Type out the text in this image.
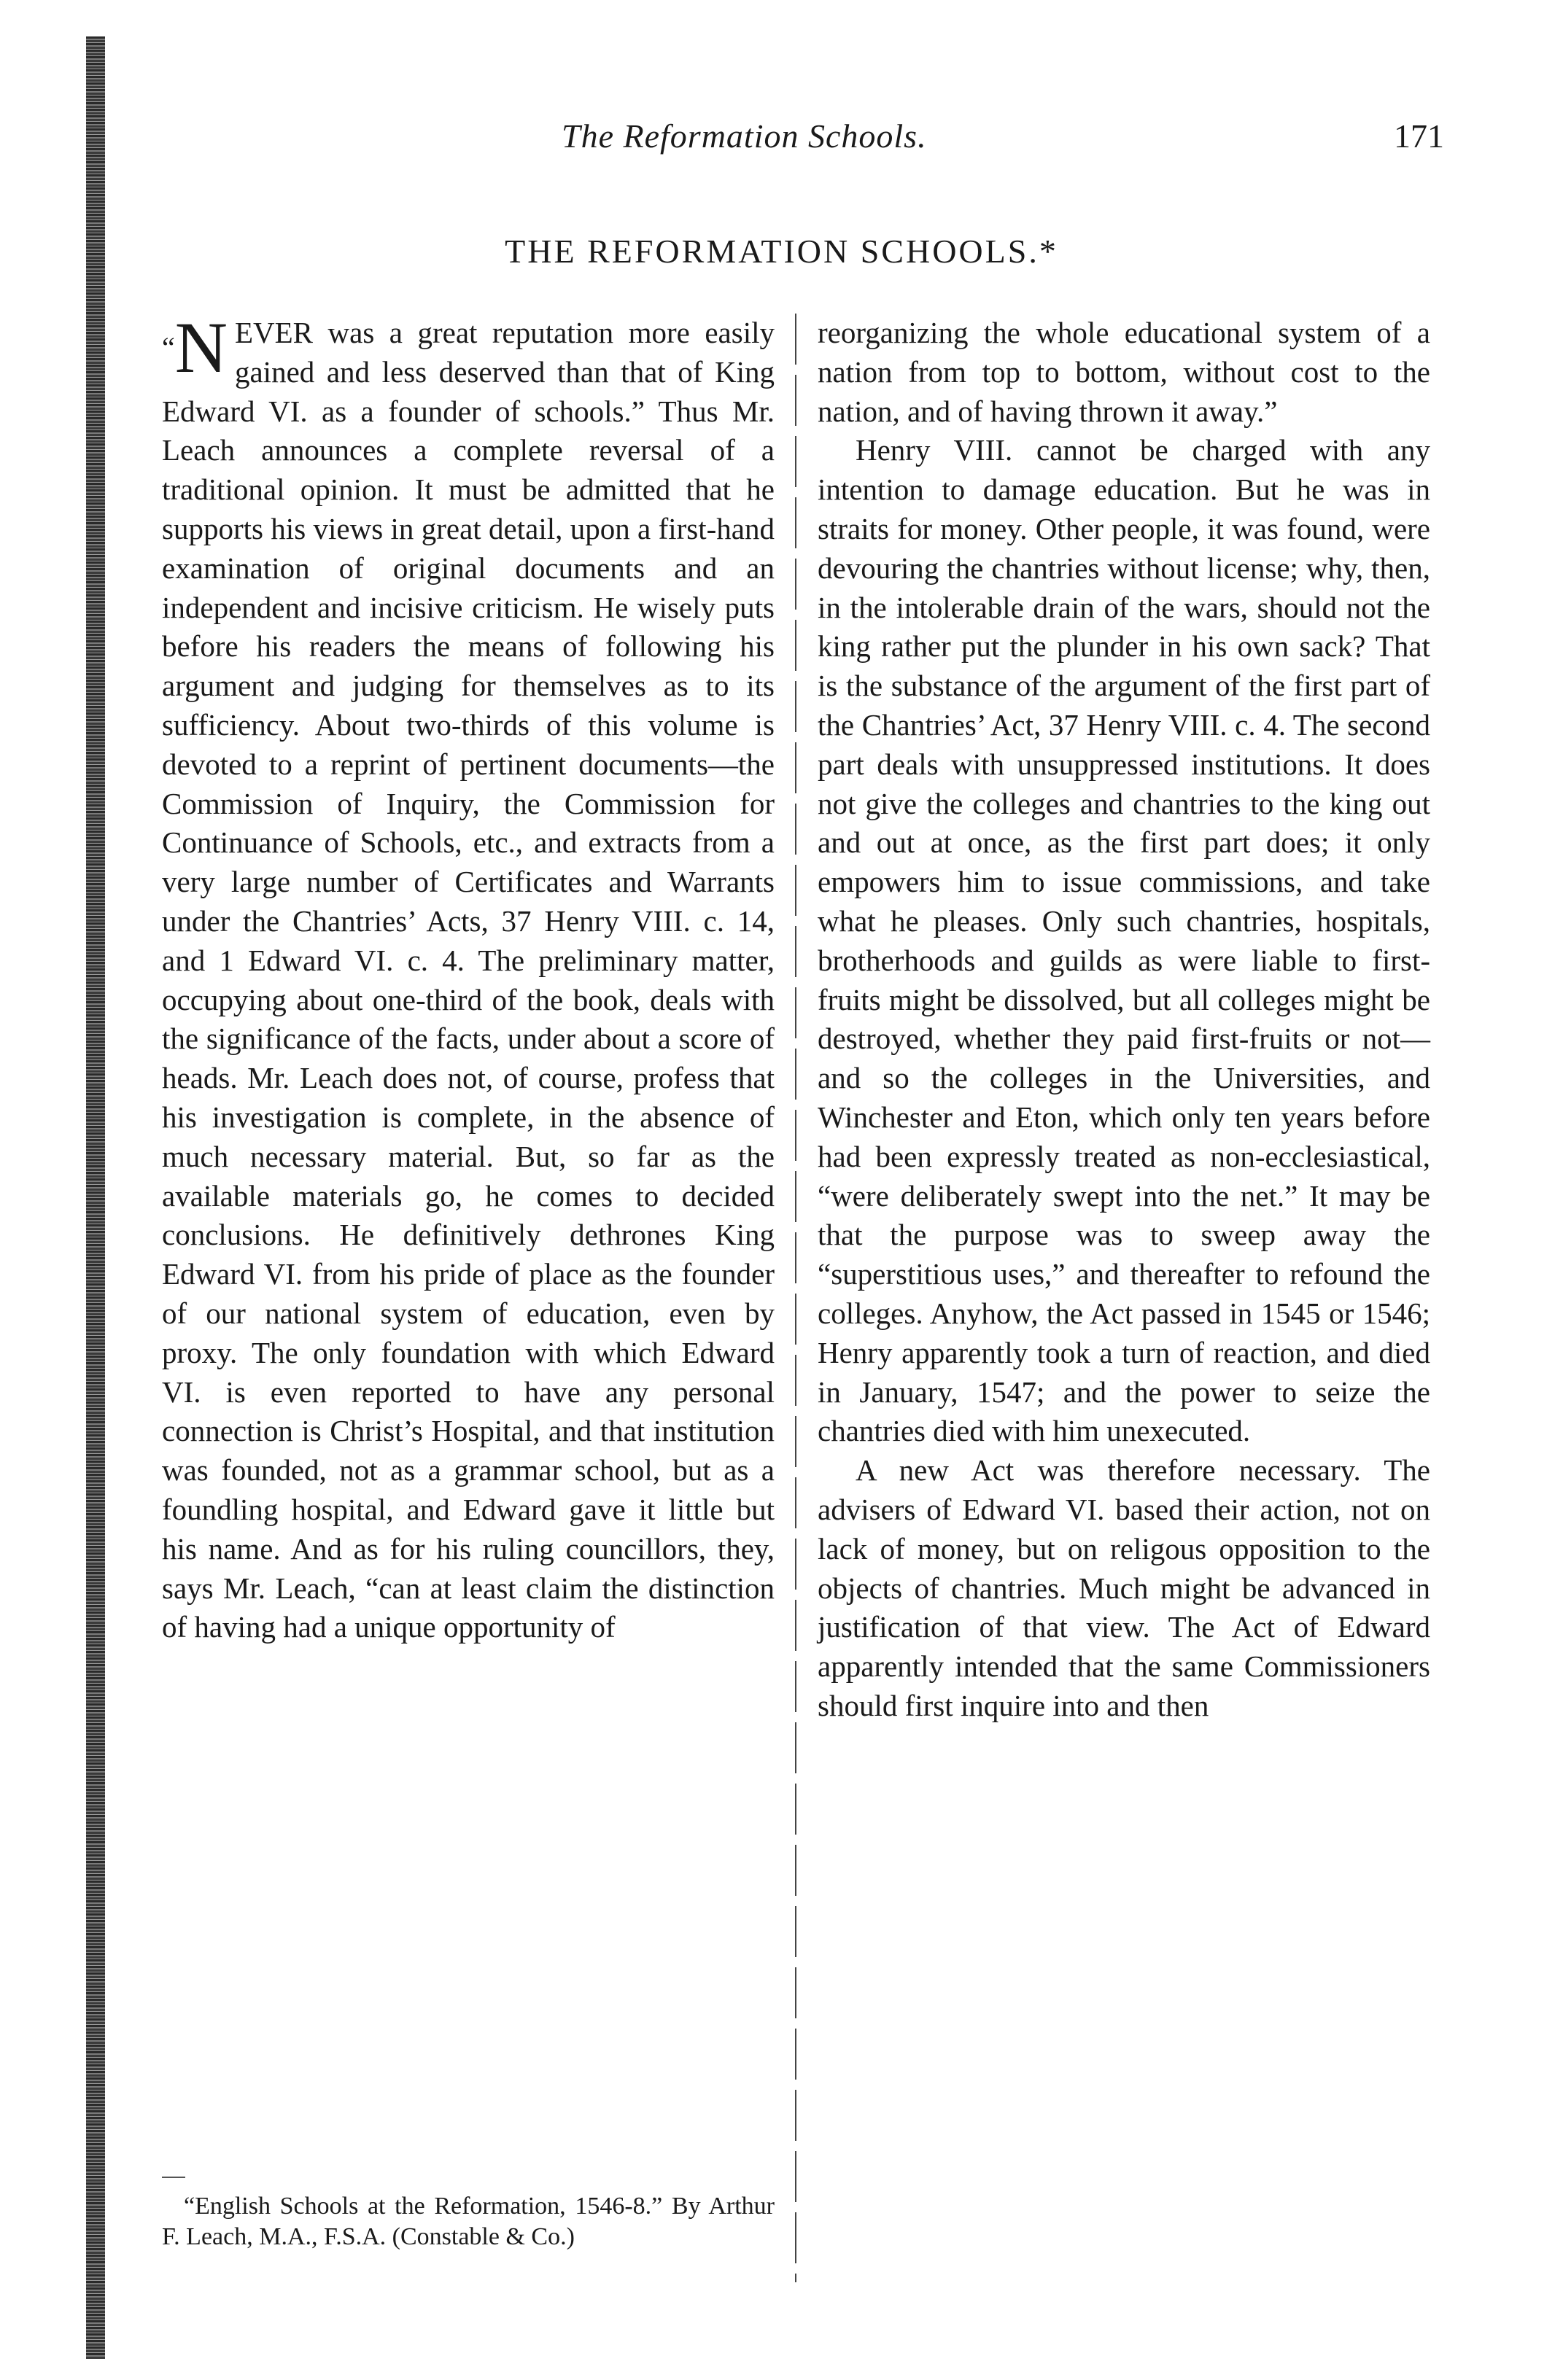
The Reformation Schools.	171
THE REFORMATION SCHOOLS.*

“N EVER was a great reputation more easily gained and less deserved than that of King Edward VI. as a founder of schools.” Thus Mr. Leach announces a complete reversal of a traditional opinion. It must be admitted that he supports his views in great detail, upon a first-hand examination of original documents and an independent and incisive criticism. He wisely puts before his readers the means of following his argument and judging for themselves as to its sufficiency. About two-thirds of this volume is devoted to a reprint of pertinent documents—the Commission of Inquiry, the Commission for Continuance of Schools, etc., and extracts from a very large number of Certificates and Warrants under the Chantries’ Acts, 37 Henry VIII. c. 14, and 1 Edward VI. c. 4. The preliminary matter, occupying about one-third of the book, deals with the significance of the facts, under about a score of heads. Mr. Leach does not, of course, profess that his investigation is complete, in the absence of much necessary material. But, so far as the available materials go, he comes to decided conclusions. He definitively dethrones King Edward VI. from his pride of place as the founder of our national system of education, even by proxy. The only foundation with which Edward VI. is even reported to have any personal connection is Christ’s Hospital, and that institution was founded, not as a grammar school, but as a foundling hospital, and Edward gave it little but his name. And as for his ruling councillors, they, says Mr. Leach, “can at least claim the distinction of having had a unique opportunity of

reorganizing the whole educational system of a nation from top to bottom, without cost to the nation, and of having thrown it away.”

Henry VIII. cannot be charged with any intention to damage education. But he was in straits for money. Other people, it was found, were devouring the chantries without license; why, then, in the intolerable drain of the wars, should not the king rather put the plunder in his own sack? That is the substance of the argument of the first part of the Chantries’ Act, 37 Henry VIII. c. 4. The second part deals with unsuppressed institutions. It does not give the colleges and chantries to the king out and out at once, as the first part does; it only empowers him to issue commissions, and take what he pleases. Only such chantries, hospitals, brotherhoods and guilds as were liable to first-fruits might be dissolved, but all colleges might be destroyed, whether they paid first-fruits or not—and so the colleges in the Universities, and Winchester and Eton, which only ten years before had been expressly treated as non-ecclesiastical, “were deliberately swept into the net.” It may be that the purpose was to sweep away the “superstitious uses,” and thereafter to refound the colleges. Anyhow, the Act passed in 1545 or 1546; Henry apparently took a turn of reaction, and died in January, 1547; and the power to seize the chantries died with him unexecuted.

A new Act was therefore necessary. The advisers of Edward VI. based their action, not on lack of money, but on religous opposition to the objects of chantries. Much might be advanced in justification of that view. The Act of Edward apparently intended that the same Commissioners should first inquire into and then

“English Schools at the Reformation, 1546-8.” By Arthur F. Leach, M.A., F.S.A. (Constable & Co.)
